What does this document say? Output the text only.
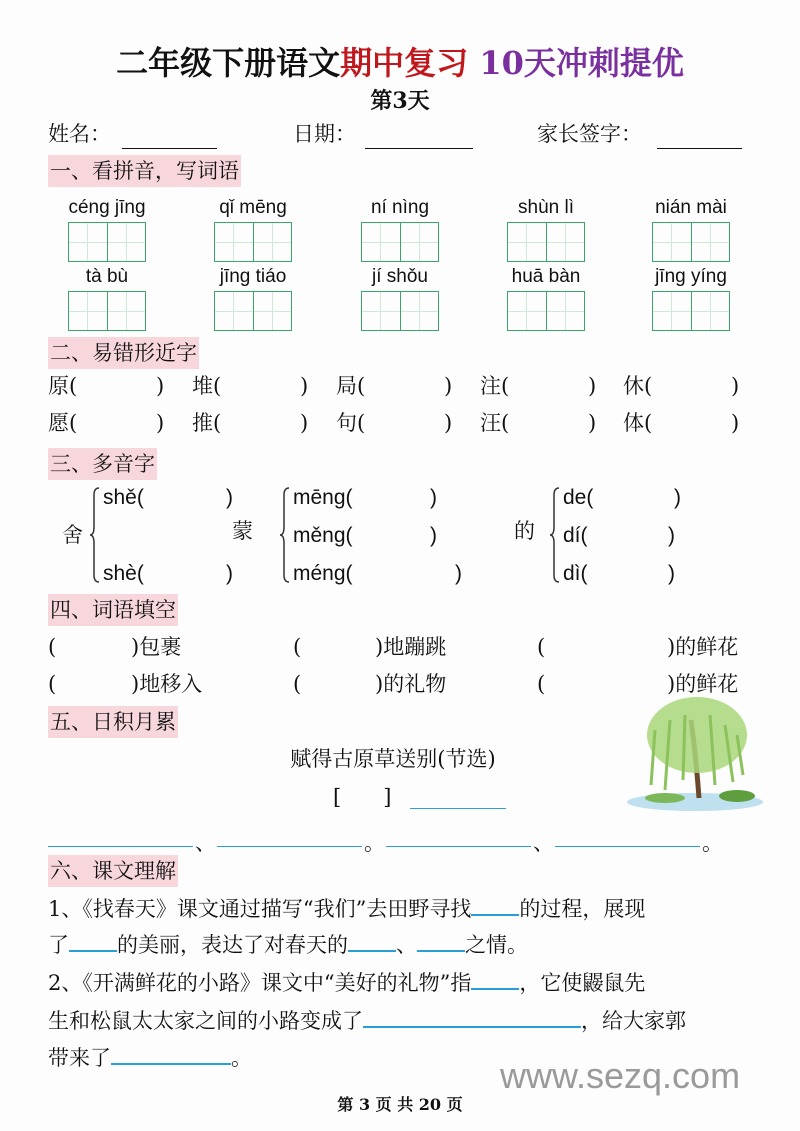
二年级下册语文期中复习 10天冲刺提优
第3天
姓名：	日期：	家长签字：
一、看拼音，写词语
céng jīng	qǐ mēng	ní nìng	shùn lì	nián mài
tà bù	jīng tiáo	jí shǒu	huā bàn	jīng yíng
二、易错形近字
原(	) 堆(	) 局(	) 注(	) 休(	)
愿(	) 推(	) 句(	) 汪(	) 体(	)
三、多音字
舍
shě(	)
shè(	)
蒙
mēng(	)
měng(	)
méng(	)
的
de(	)
dí(	)
dì(	)
四、词语填空
(	)包裹	(	)地蹦跳	(	)的鲜花
(	)地移入	(	)的礼物	(	)的鲜花
五、日积月累
赋得古原草送别(节选)
[　　]
、	。	、	。
六、课文理解
1、《找春天》课文通过描写“我们”去田野寻找 的过程，展现
了 的美丽，表达了对春天的 、 之情。
2、《开满鲜花的小路》课文中“美好的礼物”指 ，它使鼹鼠先
生和松鼠太太家之间的小路变成了	，给大家郭
带来了	。	www.sezq.com
第 3 页 共 20 页
